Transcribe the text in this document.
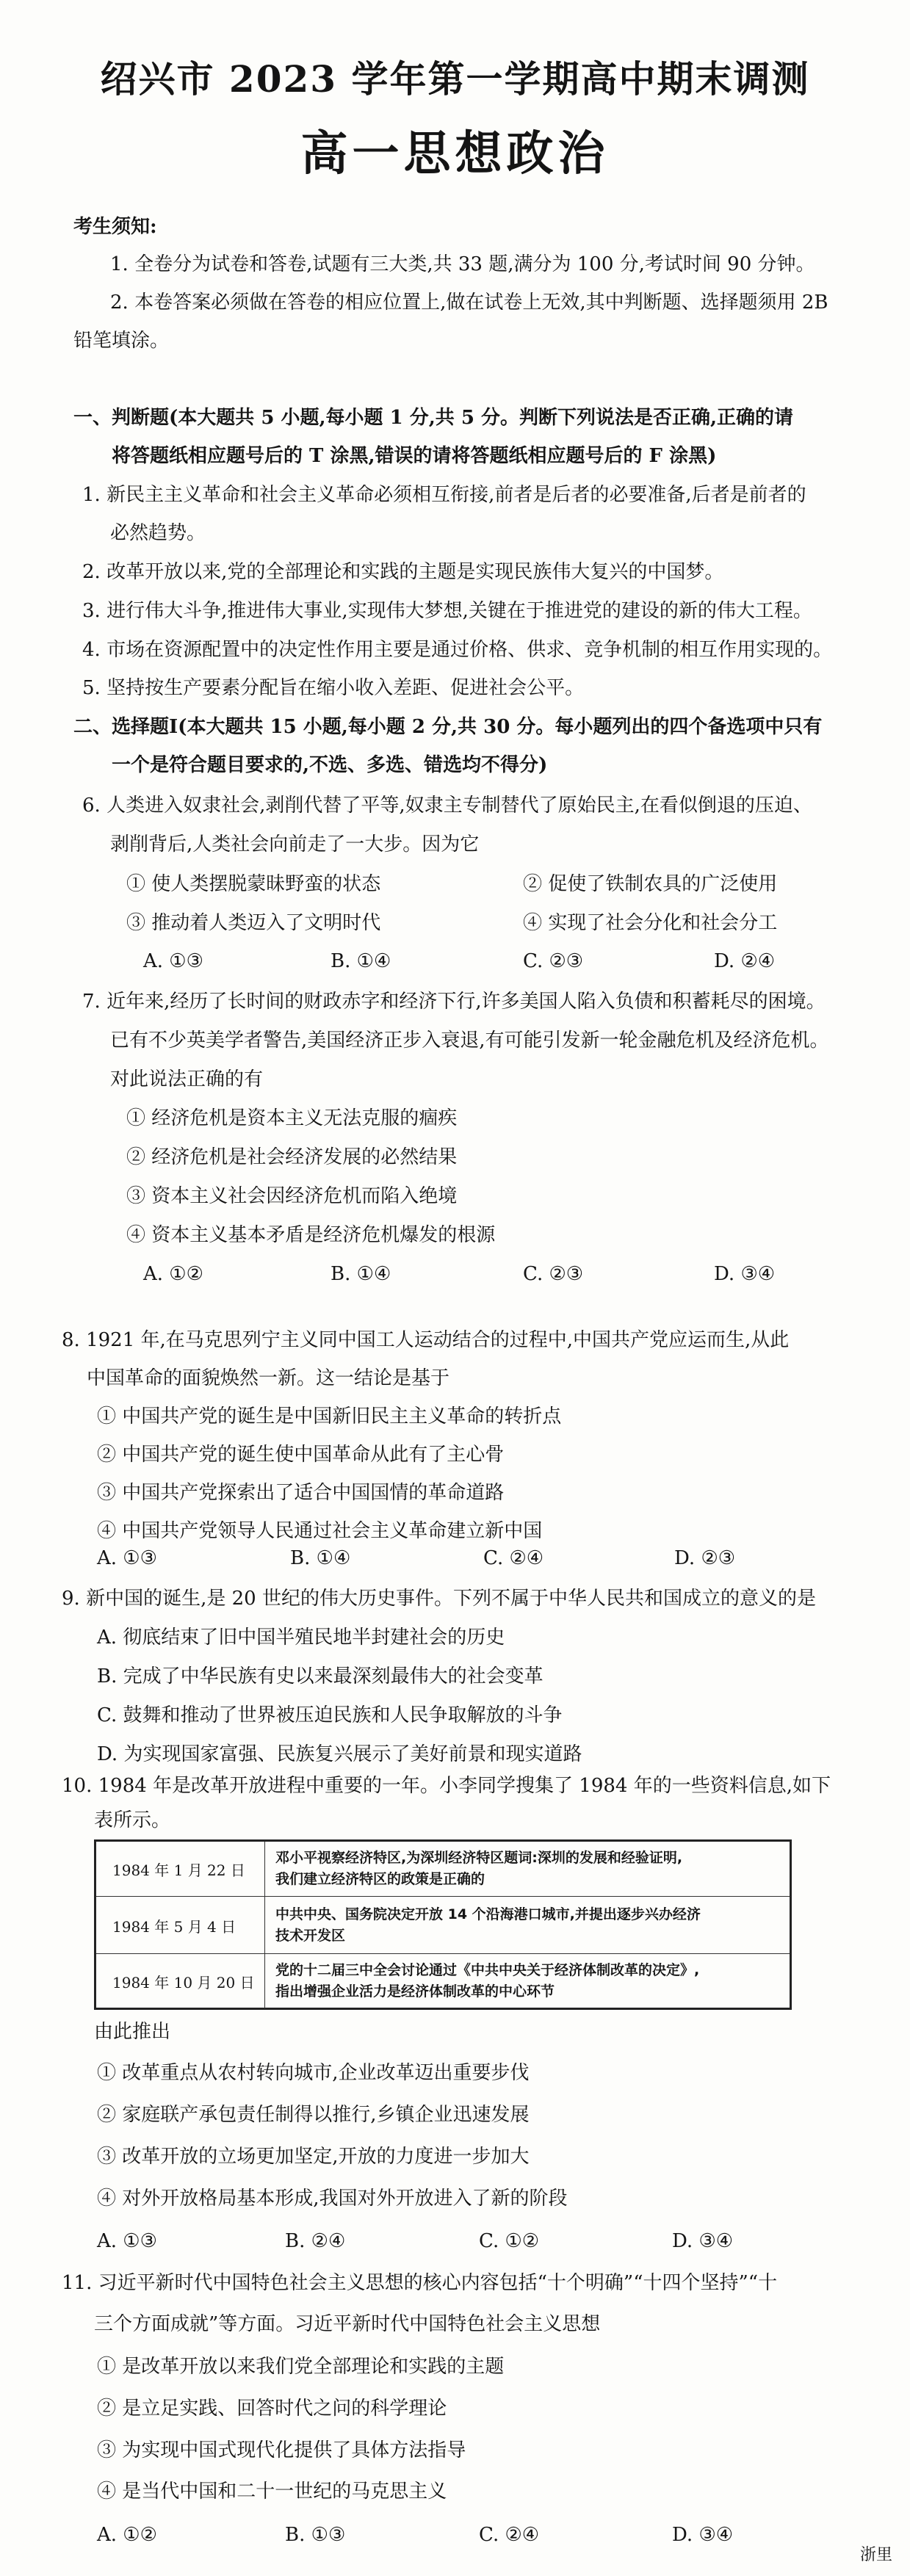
绍兴市 2023 学年第一学期高中期末调测
高一思想政治
考生须知:
1. 全卷分为试卷和答卷,试题有三大类,共 33 题,满分为 100 分,考试时间 90 分钟。
2. 本卷答案必须做在答卷的相应位置上,做在试卷上无效,其中判断题、选择题须用 2B
铅笔填涂。
一、判断题(本大题共 5 小题,每小题 1 分,共 5 分。判断下列说法是否正确,正确的请
将答题纸相应题号后的 T 涂黑,错误的请将答题纸相应题号后的 F 涂黑)
1. 新民主主义革命和社会主义革命必须相互衔接,前者是后者的必要准备,后者是前者的
必然趋势。
2. 改革开放以来,党的全部理论和实践的主题是实现民族伟大复兴的中国梦。
3. 进行伟大斗争,推进伟大事业,实现伟大梦想,关键在于推进党的建设的新的伟大工程。
4. 市场在资源配置中的决定性作用主要是通过价格、供求、竞争机制的相互作用实现的。
5. 坚持按生产要素分配旨在缩小收入差距、促进社会公平。
二、选择题Ⅰ(本大题共 15 小题,每小题 2 分,共 30 分。每小题列出的四个备选项中只有
一个是符合题目要求的,不选、多选、错选均不得分)
6. 人类进入奴隶社会,剥削代替了平等,奴隶主专制替代了原始民主,在看似倒退的压迫、
剥削背后,人类社会向前走了一大步。因为它
① 使人类摆脱蒙昧野蛮的状态	② 促使了铁制农具的广泛使用
③ 推动着人类迈入了文明时代	④ 实现了社会分化和社会分工
A. ①③	B. ①④	C. ②③	D. ②④
7. 近年来,经历了长时间的财政赤字和经济下行,许多美国人陷入负债和积蓄耗尽的困境。
已有不少英美学者警告,美国经济正步入衰退,有可能引发新一轮金融危机及经济危机。
对此说法正确的有
① 经济危机是资本主义无法克服的痼疾
② 经济危机是社会经济发展的必然结果
③ 资本主义社会因经济危机而陷入绝境
④ 资本主义基本矛盾是经济危机爆发的根源
A. ①②	B. ①④	C. ②③	D. ③④
8. 1921 年,在马克思列宁主义同中国工人运动结合的过程中,中国共产党应运而生,从此
中国革命的面貌焕然一新。这一结论是基于
① 中国共产党的诞生是中国新旧民主主义革命的转折点
② 中国共产党的诞生使中国革命从此有了主心骨
③ 中国共产党探索出了适合中国国情的革命道路
④ 中国共产党领导人民通过社会主义革命建立新中国
A. ①③	B. ①④	C. ②④	D. ②③
9. 新中国的诞生,是 20 世纪的伟大历史事件。下列不属于中华人民共和国成立的意义的是
A. 彻底结束了旧中国半殖民地半封建社会的历史
B. 完成了中华民族有史以来最深刻最伟大的社会变革
C. 鼓舞和推动了世界被压迫民族和人民争取解放的斗争
D. 为实现国家富强、民族复兴展示了美好前景和现实道路
10. 1984 年是改革开放进程中重要的一年。小李同学搜集了 1984 年的一些资料信息,如下
表所示。
1984 年 1 月 22 日
邓小平视察经济特区,为深圳经济特区题词:深圳的发展和经验证明,
我们建立经济特区的政策是正确的
1984 年 5 月 4 日
中共中央、国务院决定开放 14 个沿海港口城市,并提出逐步兴办经济
技术开发区
1984 年 10 月 20 日
党的十二届三中全会讨论通过《中共中央关于经济体制改革的决定》,
指出增强企业活力是经济体制改革的中心环节
由此推出
① 改革重点从农村转向城市,企业改革迈出重要步伐
② 家庭联产承包责任制得以推行,乡镇企业迅速发展
③ 改革开放的立场更加坚定,开放的力度进一步加大
④ 对外开放格局基本形成,我国对外开放进入了新的阶段
A. ①③	B. ②④	C. ①②	D. ③④
11. 习近平新时代中国特色社会主义思想的核心内容包括“十个明确”“十四个坚持”“十
三个方面成就”等方面。习近平新时代中国特色社会主义思想
① 是改革开放以来我们党全部理论和实践的主题
② 是立足实践、回答时代之问的科学理论
③ 为实现中国式现代化提供了具体方法指导
④ 是当代中国和二十一世纪的马克思主义
A. ①②	B. ①③	C. ②④	D. ③④
浙里
